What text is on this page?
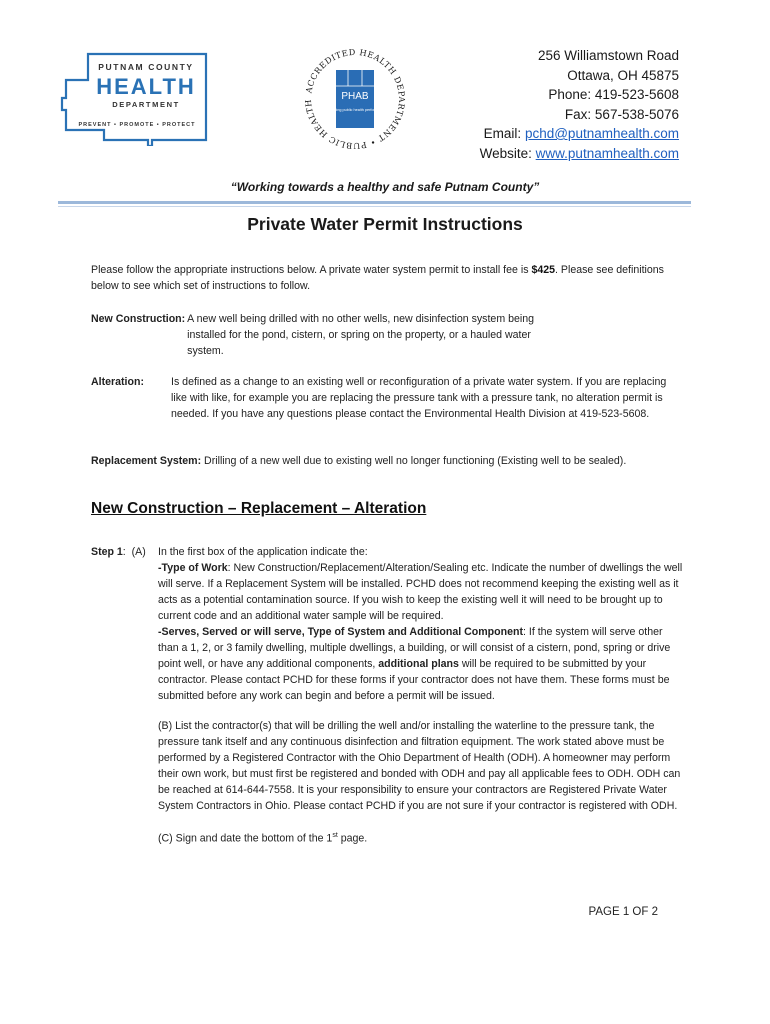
PUTNAM COUNTY
HEALTH
DEPARTMENT
PREVENT • PROMOTE • PROTECT
ACCREDITED HEALTH DEPARTMENT • PUBLIC HEALTH
PHAB
Advancing public health performance
256 Williamstown Road
Ottawa, OH 45875
Phone: 419-523-5608
Fax: 567-538-5076
Email: pchd@putnamhealth.com
Website: www.putnamhealth.com
“Working towards a healthy and safe Putnam County”
Private Water Permit Instructions
Please follow the appropriate instructions below. A private water system permit to install fee is $425. Please see definitions below to see which set of instructions to follow.
New Construction: A new well being drilled with no other wells, new disinfection system being installed for the pond, cistern, or spring on the property, or a hauled water system.
Alteration:	Is defined as a change to an existing well or reconfiguration of a private water system. If you are replacing like with like, for example you are replacing the pressure tank with a pressure tank, no alteration permit is needed. If you have any questions please contact the Environmental Health Division at 419-523-5608.
Replacement System: Drilling of a new well due to existing well no longer functioning (Existing well to be sealed).
New Construction – Replacement – Alteration
Step 1: (A) In the first box of the application indicate the:

-Type of Work: New Construction/Replacement/Alteration/Sealing etc. Indicate the number of dwellings the well will serve. If a Replacement System will be installed. PCHD does not recommend keeping the existing well as it acts as a potential contamination source. If you wish to keep the existing well it will need to be brought up to current code and an additional water sample will be required.

-Serves, Served or will serve, Type of System and Additional Component: If the system will serve other than a 1, 2, or 3 family dwelling, multiple dwellings, a building, or will consist of a cistern, pond, spring or drive point well, or have any additional components, additional plans will be required to be submitted by your contractor. Please contact PCHD for these forms if your contractor does not have them. These forms must be submitted before any work can begin and before a permit will be issued.

(B) List the contractor(s) that will be drilling the well and/or installing the waterline to the pressure tank, the pressure tank itself and any continuous disinfection and filtration equipment. The work stated above must be performed by a Registered Contractor with the Ohio Department of Health (ODH). A homeowner may perform their own work, but must first be registered and bonded with ODH and pay all applicable fees to ODH. ODH can be reached at 614-644-7558. It is your responsibility to ensure your contractors are Registered Private Water System Contractors in Ohio. Please contact PCHD if you are not sure if your contractor is registered with ODH.

(C) Sign and date the bottom of the 1st page.

PAGE 1 OF 2
